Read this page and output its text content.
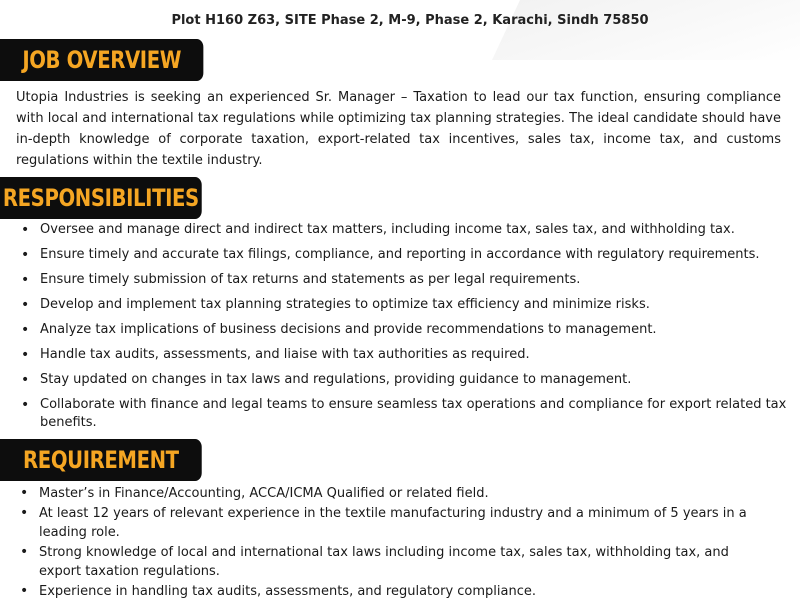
Plot H160 Z63, SITE Phase 2, M-9, Phase 2, Karachi, Sindh 75850
JOB OVERVIEW
Utopia Industries is seeking an experienced Sr. Manager – Taxation to lead our tax function, ensuring compliance with local and international tax regulations while optimizing tax planning strategies. The ideal candidate should have in-depth knowledge of corporate taxation, export-related tax incentives, sales tax, income tax, and customs regulations within the textile industry.
RESPONSIBILITIES
• Oversee and manage direct and indirect tax matters, including income tax, sales tax, and withholding tax.
• Ensure timely and accurate tax filings, compliance, and reporting in accordance with regulatory requirements.
• Ensure timely submission of tax returns and statements as per legal requirements.
• Develop and implement tax planning strategies to optimize tax efficiency and minimize risks.
• Analyze tax implications of business decisions and provide recommendations to management.
• Handle tax audits, assessments, and liaise with tax authorities as required.
• Stay updated on changes in tax laws and regulations, providing guidance to management.
• Collaborate with finance and legal teams to ensure seamless tax operations and compliance for export related tax benefits.
REQUIREMENT
• Master’s in Finance/Accounting, ACCA/ICMA Qualified or related field.
• At least 12 years of relevant experience in the textile manufacturing industry and a minimum of 5 years in a leading role.
• Strong knowledge of local and international tax laws including income tax, sales tax, withholding tax, and export taxation regulations.
• Experience in handling tax audits, assessments, and regulatory compliance.
